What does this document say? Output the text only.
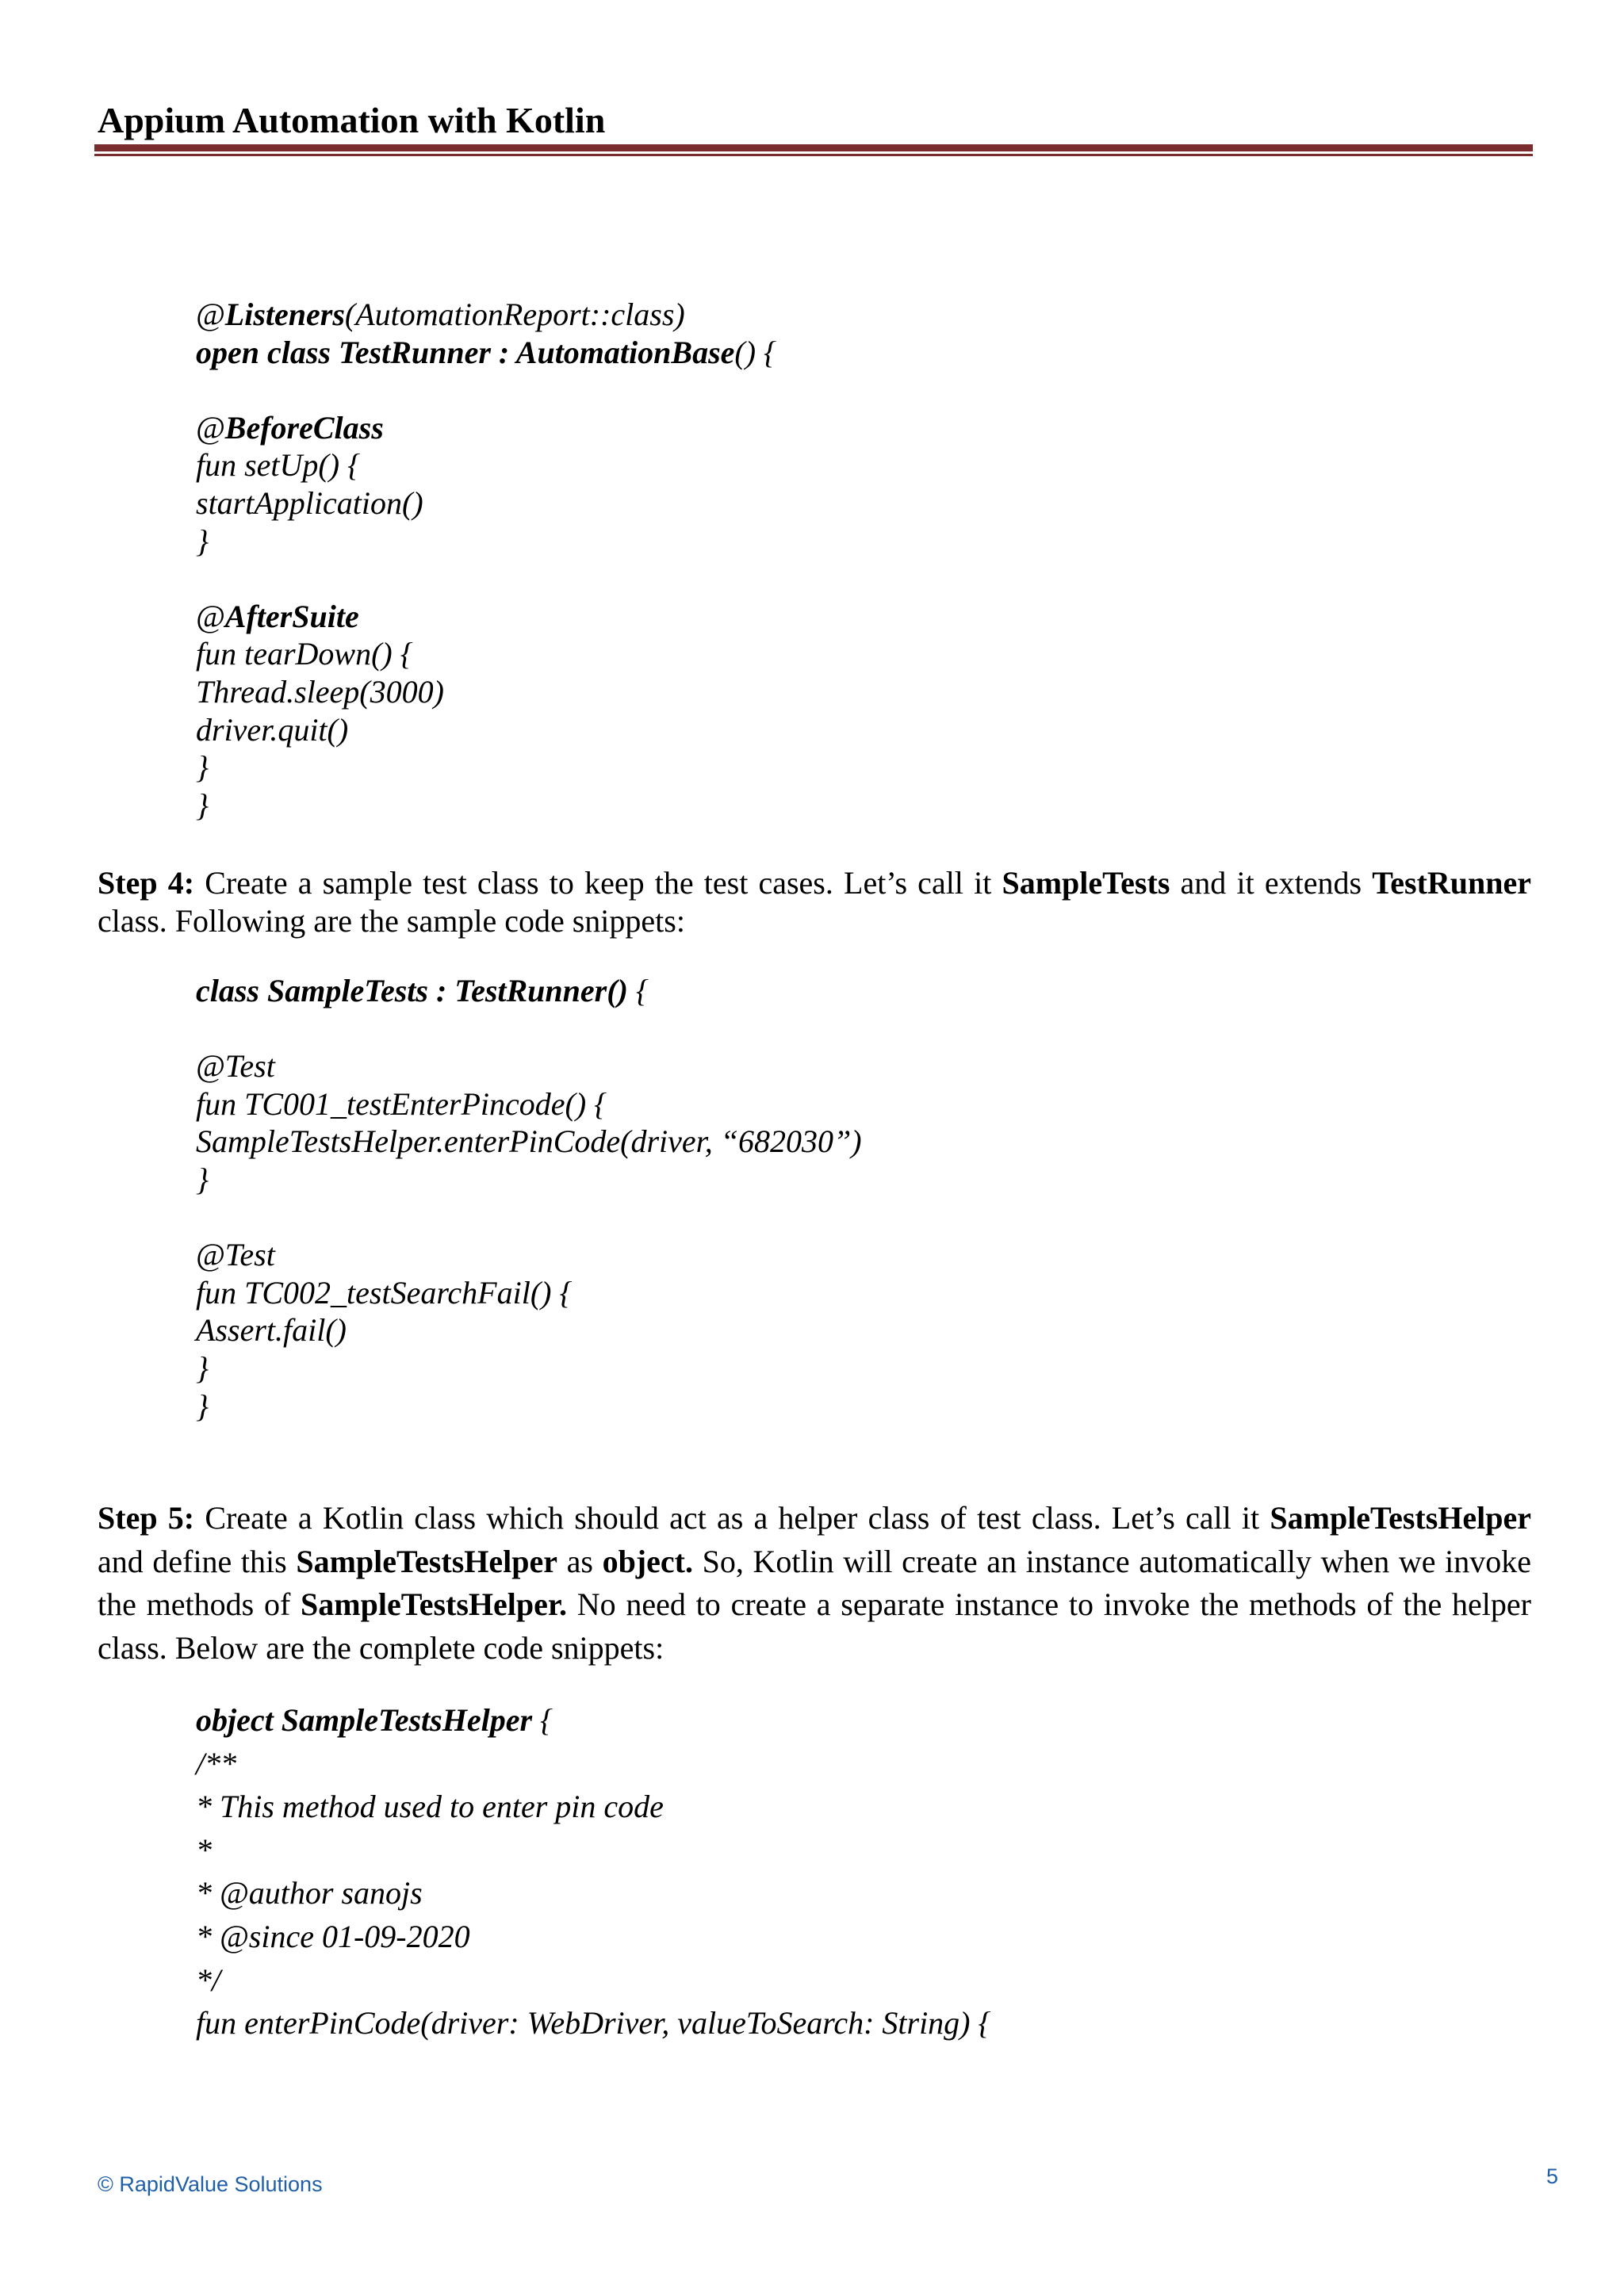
Appium Automation with Kotlin
@Listeners(AutomationReport::class)
open class TestRunner : AutomationBase() {
@BeforeClass
fun setUp() {
startApplication()
}
@AfterSuite
fun tearDown() {
Thread.sleep(3000)
driver.quit()
}
}

Step 4: Create a sample test class to keep the test cases. Let’s call it SampleTests and it extends TestRunner class. Following are the sample code snippets:

class SampleTests : TestRunner() {
@Test
fun TC001_testEnterPincode() {
SampleTestsHelper.enterPinCode(driver, “682030”)
}
@Test
fun TC002_testSearchFail() {
Assert.fail()
}
}

Step 5: Create a Kotlin class which should act as a helper class of test class. Let’s call it SampleTestsHelper and define this SampleTestsHelper as object. So, Kotlin will create an instance automatically when we invoke the methods of SampleTestsHelper. No need to create a separate instance to invoke the methods of the helper class. Below are the complete code snippets:

object SampleTestsHelper {
/**
* This method used to enter pin code
*
* @author sanojs
* @since 01-09-2020
*/
fun enterPinCode(driver: WebDriver, valueToSearch: String) {
© RapidValue Solutions	5
